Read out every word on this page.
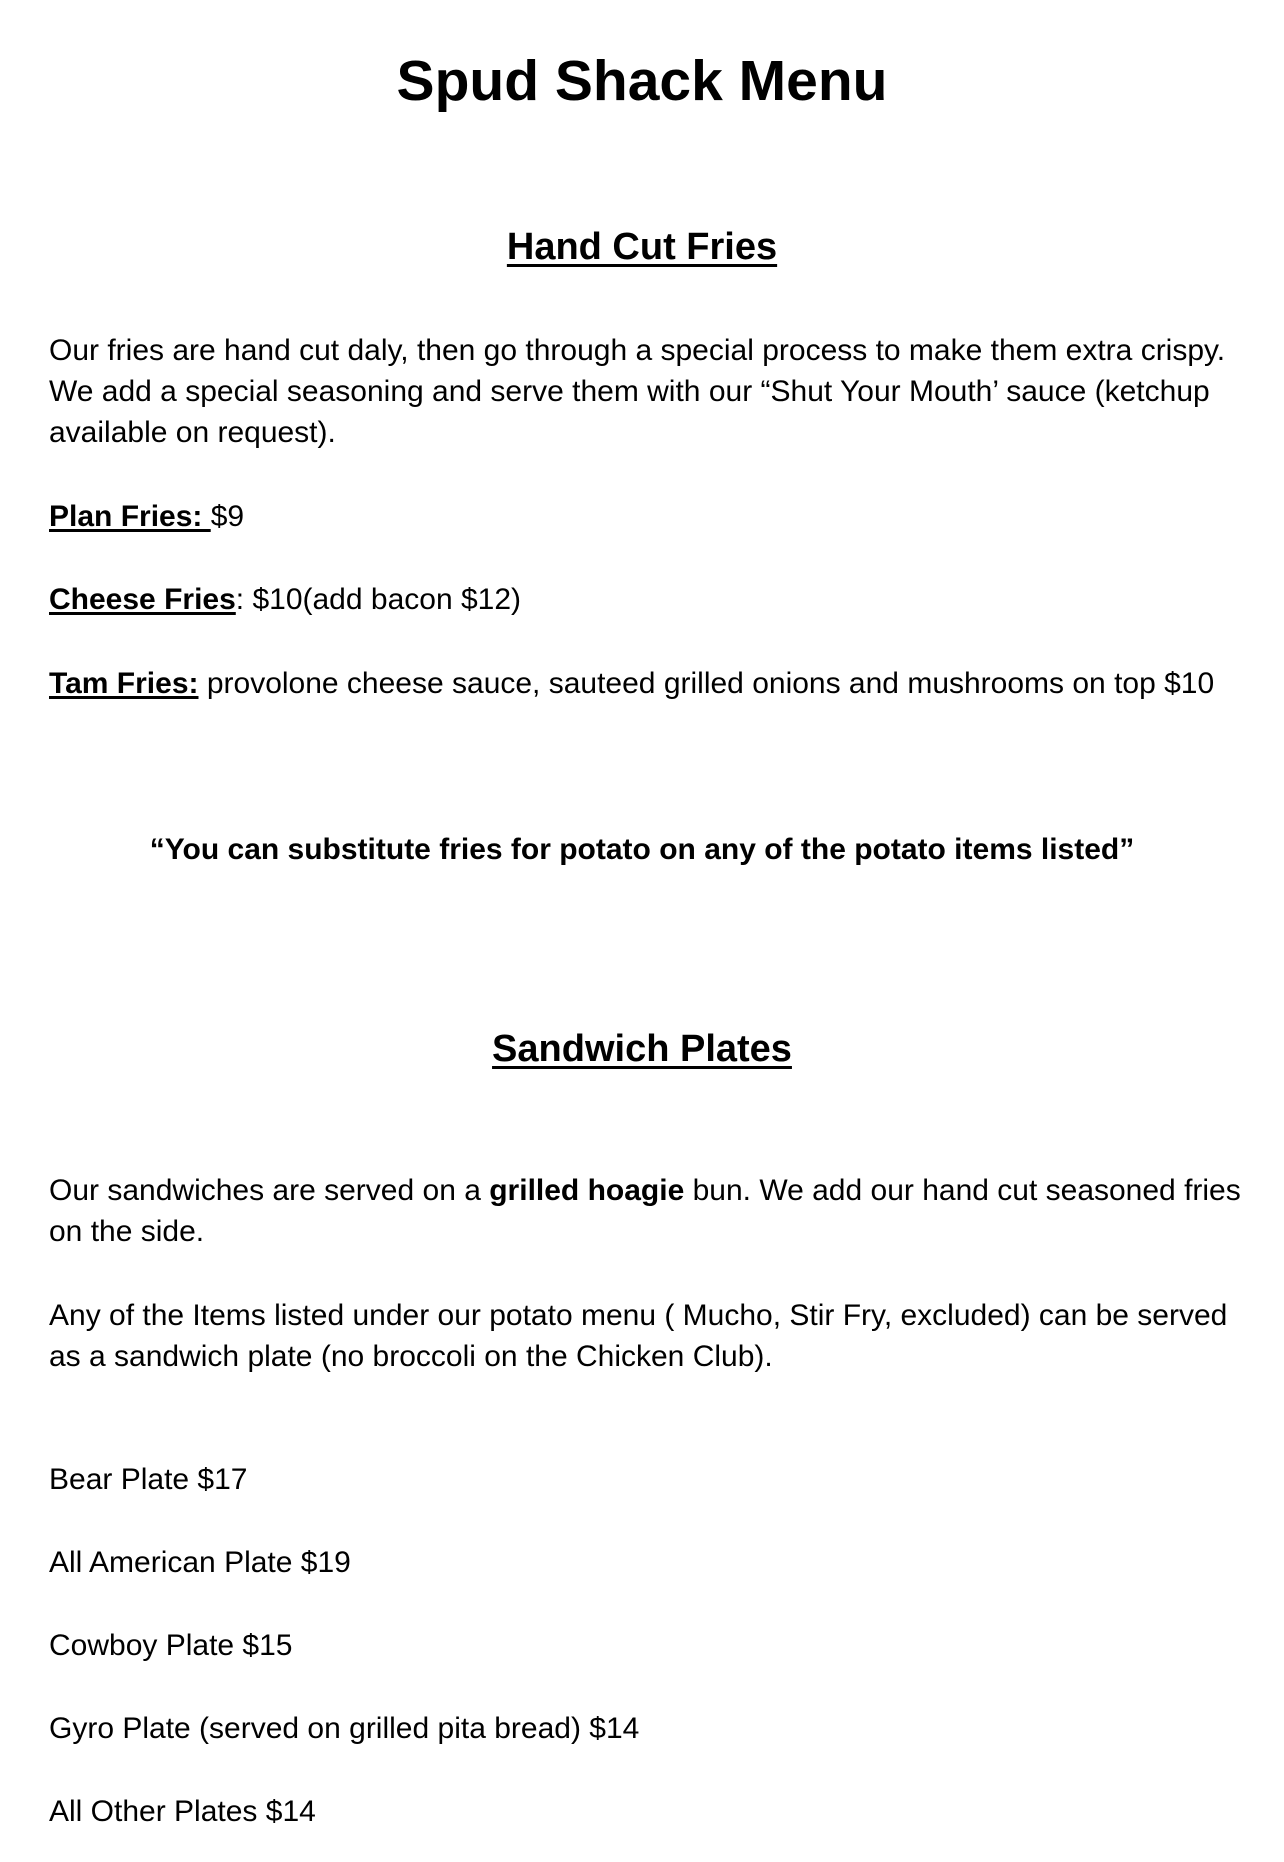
Spud Shack Menu
Hand Cut Fries

Our fries are hand cut daly, then go through a special process to make them extra crispy. We add a special seasoning and serve them with our “Shut Your Mouth’ sauce (ketchup available on request).

Plan Fries: $9

Cheese Fries: $10(add bacon $12)

Tam Fries: provolone cheese sauce, sauteed grilled onions and mushrooms on top $10

“You can substitute fries for potato on any of the potato items listed”

Sandwich Plates

Our sandwiches are served on a grilled hoagie bun. We add our hand cut seasoned fries on the side.

Any of the Items listed under our potato menu ( Mucho, Stir Fry, excluded) can be served as a sandwich plate (no broccoli on the Chicken Club).

Bear Plate $17

All American Plate $19

Cowboy Plate $15

Gyro Plate (served on grilled pita bread) $14

All Other Plates $14
